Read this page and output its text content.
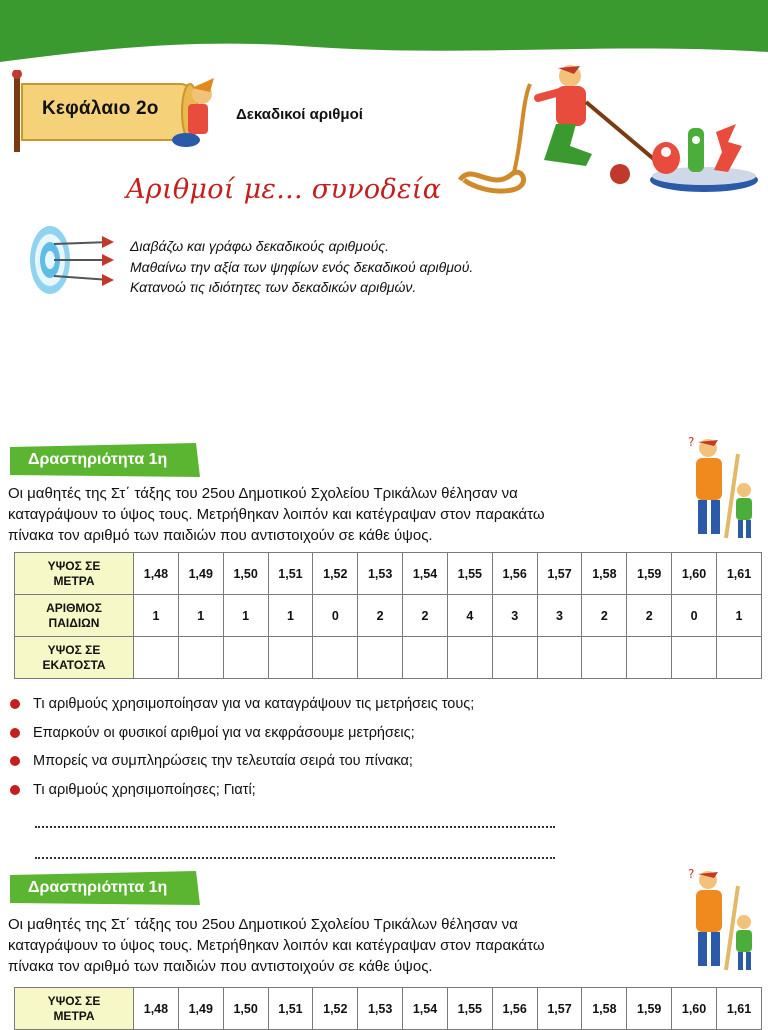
Κεφάλαιο 2ο	Δεκαδικοί αριθμοί
Αριθμοί με... συνοδεία
Διαβάζω και γράφω δεκαδικούς αριθμούς.
Μαθαίνω την αξία των ψηφίων ενός δεκαδικού αριθμού.
Κατανοώ τις ιδιότητες των δεκαδικών αριθμών.
Δραστηριότητα 1η
?

Οι μαθητές της Στ΄ τάξης του 25ου Δημοτικού Σχολείου Τρικάλων θέλησαν να
καταγράψουν το ύψος τους. Μετρήθηκαν λοιπόν και κατέγραψαν στον παρακάτω
πίνακα τον αριθμό των παιδιών που αντιστοιχούν σε κάθε ύψος.

ΥΨΟΣ ΣΕ
ΜΕΤΡΑ	1,48	1,49	1,50	1,51	1,52	1,53	1,54	1,55	1,56	1,57	1,58	1,59	1,60	1,61
ΑΡΙΘΜΟΣ
ΠΑΙΔΙΩΝ	1	1	1	1	0	2	2	4	3	3	2	2	0	1
ΥΨΟΣ ΣΕ
ΕΚΑΤΟΣΤΑ														
Τι αριθμούς χρησιμοποίησαν για να καταγράψουν τις μετρήσεις τους;
Επαρκούν οι φυσικοί αριθμοί για να εκφράσουμε μετρήσεις;
Μπορείς να συμπληρώσεις την τελευταία σειρά του πίνακα;
Τι αριθμούς χρησιμοποίησες; Γιατί;
Δραστηριότητα 1η
?

Οι μαθητές της Στ΄ τάξης του 25ου Δημοτικού Σχολείου Τρικάλων θέλησαν να
καταγράψουν το ύψος τους. Μετρήθηκαν λοιπόν και κατέγραψαν στον παρακάτω
πίνακα τον αριθμό των παιδιών που αντιστοιχούν σε κάθε ύψος.

ΥΨΟΣ ΣΕ
ΜΕΤΡΑ	1,48	1,49	1,50	1,51	1,52	1,53	1,54	1,55	1,56	1,57	1,58	1,59	1,60	1,61
